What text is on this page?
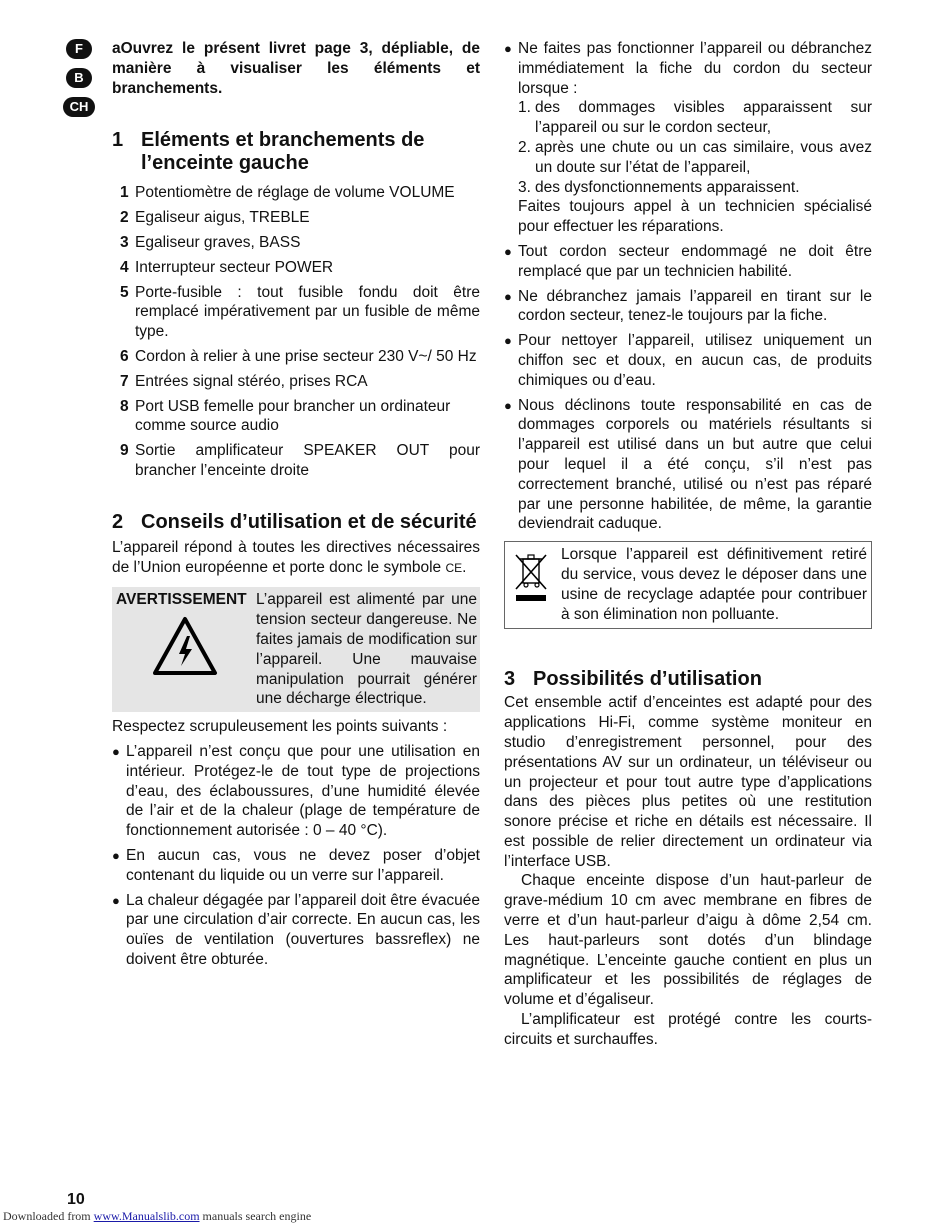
F
B
CH

aOuvrez le présent livret page 3, dépliable, de manière à visualiser les éléments et branchements.

1 Eléments et branchements de l’enceinte gauche
1 Potentiomètre de réglage de volume VOLUME
2 Egaliseur aigus, TREBLE
3 Egaliseur graves, BASS
4 Interrupteur secteur POWER
5 Porte-fusible : tout fusible fondu doit être remplacé impérativement par un fusible de même type.
6 Cordon à relier à une prise secteur 230 V~/ 50 Hz
7 Entrées signal stéréo, prises RCA
8 Port USB femelle pour brancher un ordinateur comme source audio
9 Sortie amplificateur SPEAKER OUT pour brancher l’enceinte droite
2 Conseils d’utilisation et de sécurité

L’appareil répond à toutes les directives nécessaires de l’Union européenne et porte donc le symbole CE.

AVERTISSEMENT L’appareil est alimenté par une tension secteur dangereuse. Ne faites jamais de modification sur l’appareil. Une mauvaise manipulation pourrait générer une décharge électrique.

Respectez scrupuleusement les points suivants :

● L’appareil n’est conçu que pour une utilisation en intérieur. Protégez-le de tout type de projections d’eau, des éclaboussures, d’une humidité élevée de l’air et de la chaleur (plage de température de fonctionnement autorisée : 0 – 40 °C).
● En aucun cas, vous ne devez poser d’objet contenant du liquide ou un verre sur l’appareil.
● La chaleur dégagée par l’appareil doit être évacuée par une circulation d’air correcte. En aucun cas, les ouïes de ventilation (ouvertures bassreflex) ne doivent être obturée.
● Ne faites pas fonctionner l’appareil ou débranchez immédiatement la fiche du cordon du secteur lorsque :
1. des dommages visibles apparaissent sur l’appareil ou sur le cordon secteur,
2. après une chute ou un cas similaire, vous avez un doute sur l’état de l’appareil,
3. des dysfonctionnements apparaissent.
Faites toujours appel à un technicien spécialisé pour effectuer les réparations.
● Tout cordon secteur endommagé ne doit être remplacé que par un technicien habilité.
● Ne débranchez jamais l’appareil en tirant sur le cordon secteur, tenez-le toujours par la fiche.
● Pour nettoyer l’appareil, utilisez uniquement un chiffon sec et doux, en aucun cas, de produits chimiques ou d’eau.
● Nous déclinons toute responsabilité en cas de dommages corporels ou matériels résultants si l’appareil est utilisé dans un but autre que celui pour lequel il a été conçu, s’il n’est pas correctement branché, utilisé ou n’est pas réparé par une personne habilitée, de même, la garantie deviendrait caduque.
Lorsque l’appareil est définitivement retiré du service, vous devez le déposer dans une usine de recyclage adaptée pour contribuer à son élimination non polluante.
3 Possibilités d’utilisation

Cet ensemble actif d’enceintes est adapté pour des applications Hi-Fi, comme système moniteur en studio d’enregistrement personnel, pour des présentations AV sur un ordinateur, un téléviseur ou un projecteur et pour tout autre type d’applications dans des pièces plus petites où une restitution sonore précise et riche en détails est nécessaire. Il est possible de relier directement un ordinateur via l’interface USB.

Chaque enceinte dispose d’un haut-parleur de grave-médium 10 cm avec membrane en fibres de verre et d’un haut-parleur d’aigu à dôme 2,54 cm. Les haut-parleurs sont dotés d’un blindage magnétique. L’enceinte gauche contient en plus un amplificateur et les possibilités de réglages de volume et d’égaliseur.

L’amplificateur est protégé contre les courts-circuits et surchauffes.

10
Downloaded from www.Manualslib.com manuals search engine
